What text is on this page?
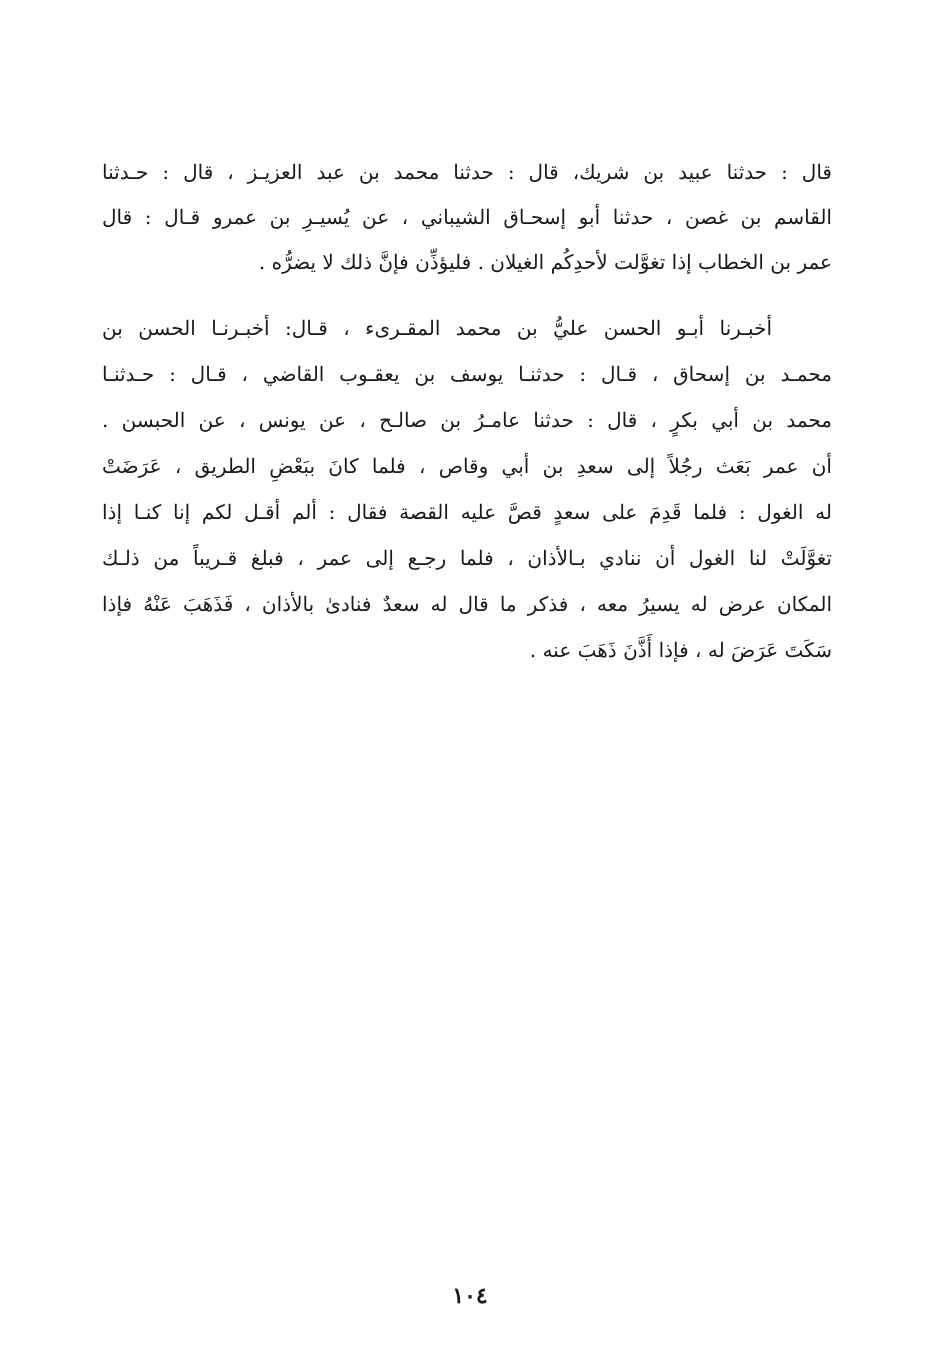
قال : حدثنا عبيد بن شريك، قال : حدثنا محمد بن عبد العزيـز ، قال : حـدثنا
القاسم بن غصن ، حدثنا أبو إسحـاق الشيباني ، عن يُسيـرِ بن عمرو قـال : قال
عمر بن الخطاب إذا تغوَّلت لأحدِكُم الغيلان . فليؤذِّن فإنَّ ذلك لا يضرُّه .
أخبـرنا أبـو الحسن عليُّ بن محمد المقـرىء ، قـال: أخبـرنـا الحسن بن
محمـد بن إسحاق ، قـال : حدثنـا يوسف بن يعقـوب القاضي ، قـال : حـدثنـا
محمد بن أبي بكرٍ ، قال : حدثنا عامـرُ بن صالـح ، عن يونس ، عن الحبسن .
أن عمر بَعَث رجُلاً إلى سعدِ بن أبي وقاص ، فلما كانَ ببَعْضِ الطريق ، عَرَضَتْ
له الغول : فلما قَدِمَ على سعدٍ قصَّ عليه القصة فقال : ألم أقـل لكم إنا كنـا إذا
تغوَّلَتْ لنا الغول أن ننادي بـالأذان ، فلما رجـع إلى عمر ، فبلغ قـريباً من ذلـك
المكان عرض له يسيرُ معه ، فذكر ما قال له سعدٌ فنادىٰ بالأذان ، فَذَهَبَ عَنْهُ فإذا
سَكَتَ عَرَضَ له ، فإذا أَذَّنَ ذَهَبَ عنه .
١٠٤
